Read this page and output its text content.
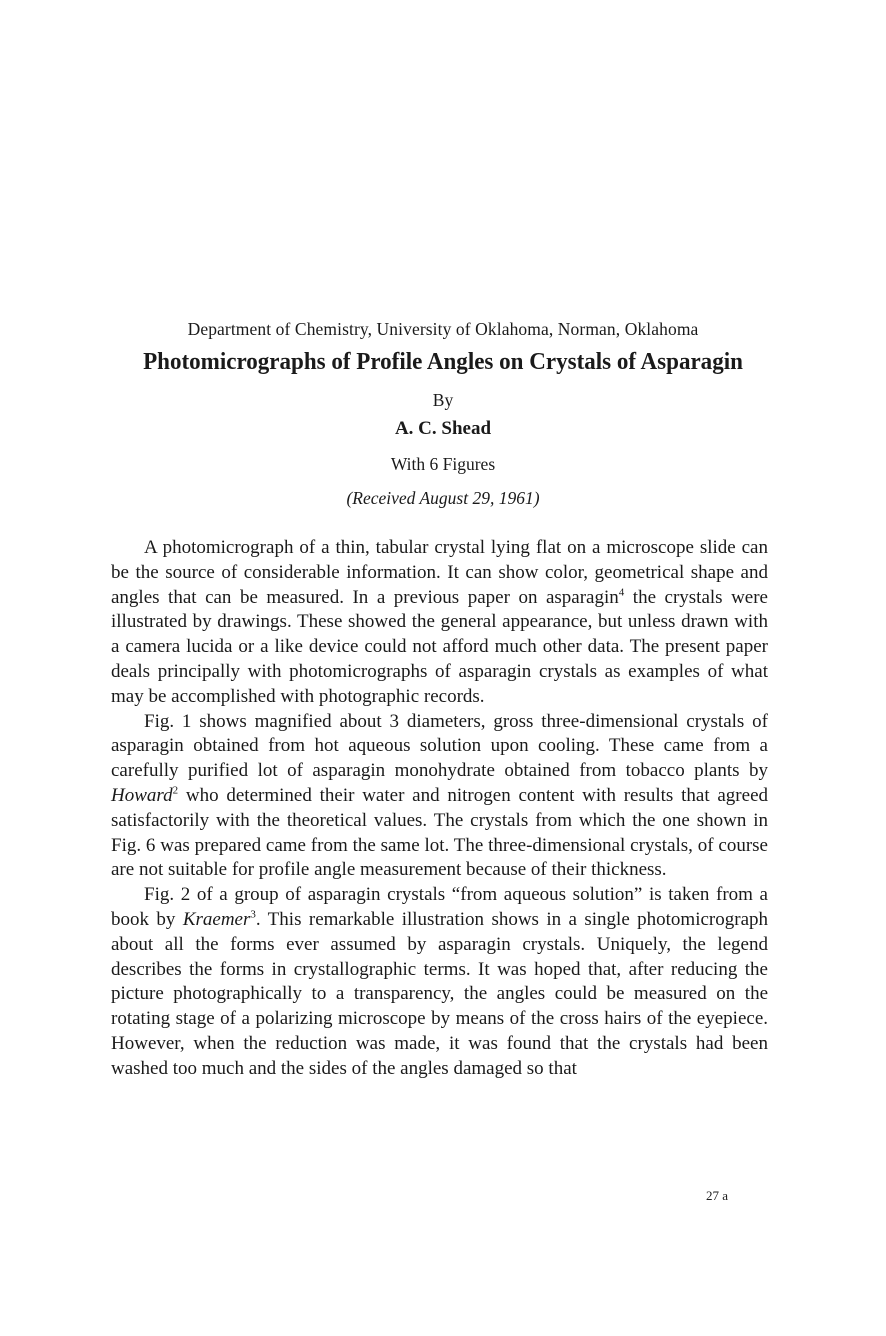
Department of Chemistry, University of Oklahoma, Norman, Oklahoma
Photomicrographs of Profile Angles on Crystals of Asparagin
By
A. C. Shead
With 6 Figures
(Received August 29, 1961)

A photomicrograph of a thin, tabular crystal lying flat on a microscope slide can be the source of considerable information. It can show color, geometrical shape and angles that can be measured. In a previous paper on asparagin$^4$ the crystals were illustrated by drawings. These showed the general appearance, but unless drawn with a camera lucida or a like device could not afford much other data. The present paper deals principally with photomicrographs of asparagin crystals as examples of what may be accomplished with photographic records.

Fig. 1 shows magnified about 3 diameters, gross three-dimensional crystals of asparagin obtained from hot aqueous solution upon cooling. These came from a carefully purified lot of asparagin monohydrate obtained from tobacco plants by Howard$^2$ who determined their water and nitrogen content with results that agreed satisfactorily with the theoretical values. The crystals from which the one shown in Fig. 6 was prepared came from the same lot. The three-dimensional crystals, of course are not suitable for profile angle measurement because of their thickness.

Fig. 2 of a group of asparagin crystals “from aqueous solution” is taken from a book by Kraemer$^3$. This remarkable illustration shows in a single photomicrograph about all the forms ever assumed by asparagin crystals. Uniquely, the legend describes the forms in crystallographic terms. It was hoped that, after reducing the picture photographically to a transparency, the angles could be measured on the rotating stage of a polarizing microscope by means of the cross hairs of the eyepiece. However, when the reduction was made, it was found that the crystals had been washed too much and the sides of the angles damaged so that

27 a
